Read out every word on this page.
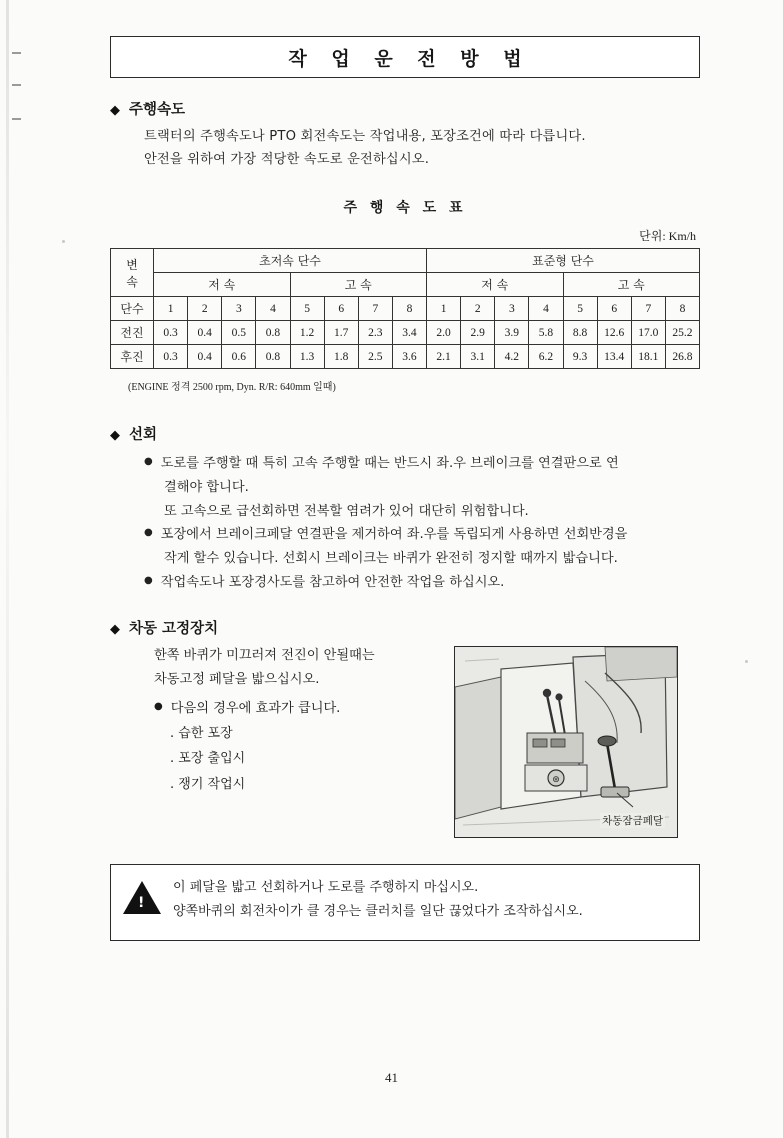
작 업 운 전 방 법
◆ 주행속도
트랙터의 주행속도나 PTO 회전속도는 작업내용, 포장조건에 따라 다릅니다.
안전을 위하여 가장 적당한 속도로 운전하십시오.
주 행 속 도 표
단위: Km/h
변
속	초저속 단수								표준형 단수							
	저 속				고 속				저 속				고 속			
단수	1	2	3	4	5	6	7	8	1	2	3	4	5	6	7	8
전진	0.3	0.4	0.5	0.8	1.2	1.7	2.3	3.4	2.0	2.9	3.9	5.8	8.8	12.6	17.0	25.2
후진	0.3	0.4	0.6	0.8	1.3	1.8	2.5	3.6	2.1	3.1	4.2	6.2	9.3	13.4	18.1	26.8
(ENGINE 정격 2500 rpm, Dyn. R/R: 640mm 일때)
◆ 선회
● 도로를 주행할 때 특히 고속 주행할 때는 반드시 좌.우 브레이크를 연결판으로 연
결해야 합니다.
또 고속으로 급선회하면 전복할 염려가 있어 대단히 위험합니다.
● 포장에서 브레이크페달 연결판을 제거하여 좌.우를 독립되게 사용하면 선회반경을
작게 할수 있습니다. 선회시 브레이크는 바퀴가 완전히 정지할 때까지 밟습니다.
● 작업속도나 포장경사도를 참고하여 안전한 작업을 하십시오.
◆ 차동 고정장치
한쪽 바퀴가 미끄러져 전진이 안될때는
차동고정 페달을 밟으십시오.
● 다음의 경우에 효과가 큽니다.
. 습한 포장
. 포장 출입시
. 쟁기 작업시	⊛
차동잠금페달
!
이 페달을 밟고 선회하거나 도로를 주행하지 마십시오.
양쪽바퀴의 회전차이가 클 경우는 클러치를 일단 끊었다가 조작하십시오.
41
